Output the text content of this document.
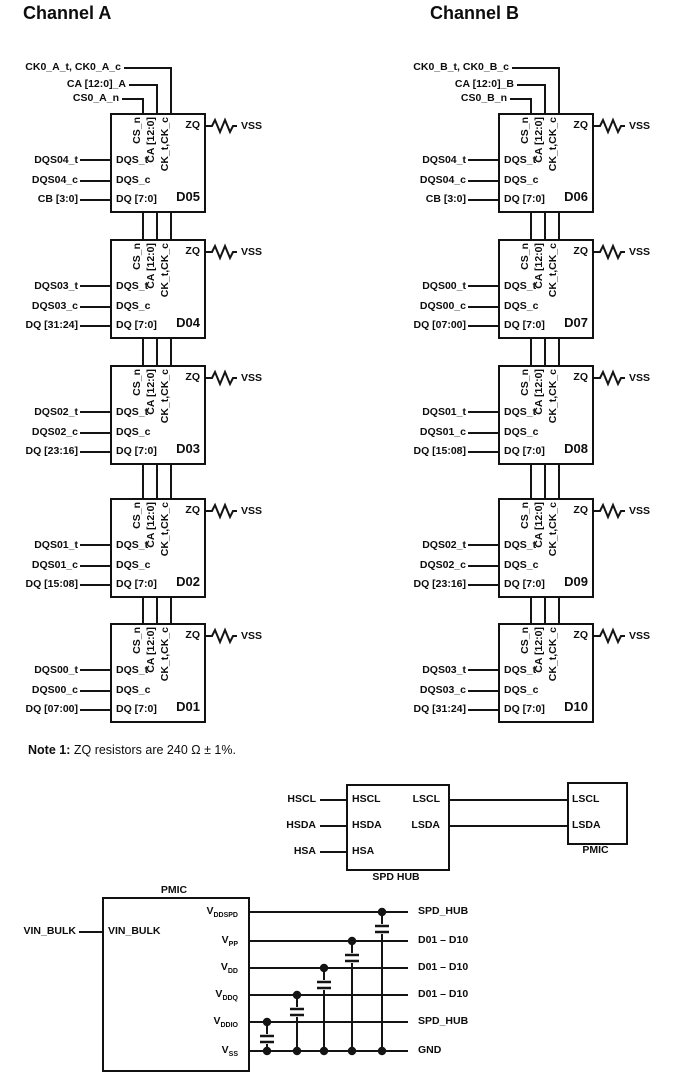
Channel A
CK0_A_t, CK0_A_c
CA [12:0]_A
CS0_A_n
CS_n CA [12:0] CK_t,CK_c
DQS_t
DQS_c
DQ [7:0]
ZQ
D05
VSS
DQS04_t
DQS04_c
CB [3:0]
CS_n CA [12:0] CK_t,CK_c
DQS_t
DQS_c
DQ [7:0]
ZQ
D04
VSS
DQS03_t
DQS03_c
DQ [31:24]
CS_n CA [12:0] CK_t,CK_c
DQS_t
DQS_c
DQ [7:0]
ZQ
D03
VSS
DQS02_t
DQS02_c
DQ [23:16]
CS_n CA [12:0] CK_t,CK_c
DQS_t
DQS_c
DQ [7:0]
ZQ
D02
VSS
DQS01_t
DQS01_c
DQ [15:08]
CS_n CA [12:0] CK_t,CK_c
DQS_t
DQS_c
DQ [7:0]
ZQ
D01
VSS
DQS00_t
DQS00_c
DQ [07:00]
Channel B
CK0_B_t, CK0_B_c
CA [12:0]_B
CS0_B_n
CS_n CA [12:0] CK_t,CK_c
DQS_t
DQS_c
DQ [7:0]
ZQ
D06
VSS
DQS04_t
DQS04_c
CB [3:0]
CS_n CA [12:0] CK_t,CK_c
DQS_t
DQS_c
DQ [7:0]
ZQ
D07
VSS
DQS00_t
DQS00_c
DQ [07:00]
CS_n CA [12:0] CK_t,CK_c
DQS_t
DQS_c
DQ [7:0]
ZQ
D08
VSS
DQS01_t
DQS01_c
DQ [15:08]
CS_n CA [12:0] CK_t,CK_c
DQS_t
DQS_c
DQ [7:0]
ZQ
D09
VSS
DQS02_t
DQS02_c
DQ [23:16]
CS_n CA [12:0] CK_t,CK_c
DQS_t
DQS_c
DQ [7:0]
ZQ
D10
VSS
DQS03_t
DQS03_c
DQ [31:24]
Note 1: ZQ resistors are 240 Ω ± 1%.
HSCL
HSDA
HSA
HSCL
HSDA
HSA
LSCL
LSDA
SPD HUB
LSCL
LSDA
PMIC
PMIC
VIN_BULK	VIN_BULK
$V_{DDSPD}$
$V_{PP}$
$V_{DD}$
$V_{DDQ}$
$V_{DDIO}$
$V_{SS}$
SPD_HUB
D01 – D10
D01 – D10
D01 – D10
SPD_HUB
GND
